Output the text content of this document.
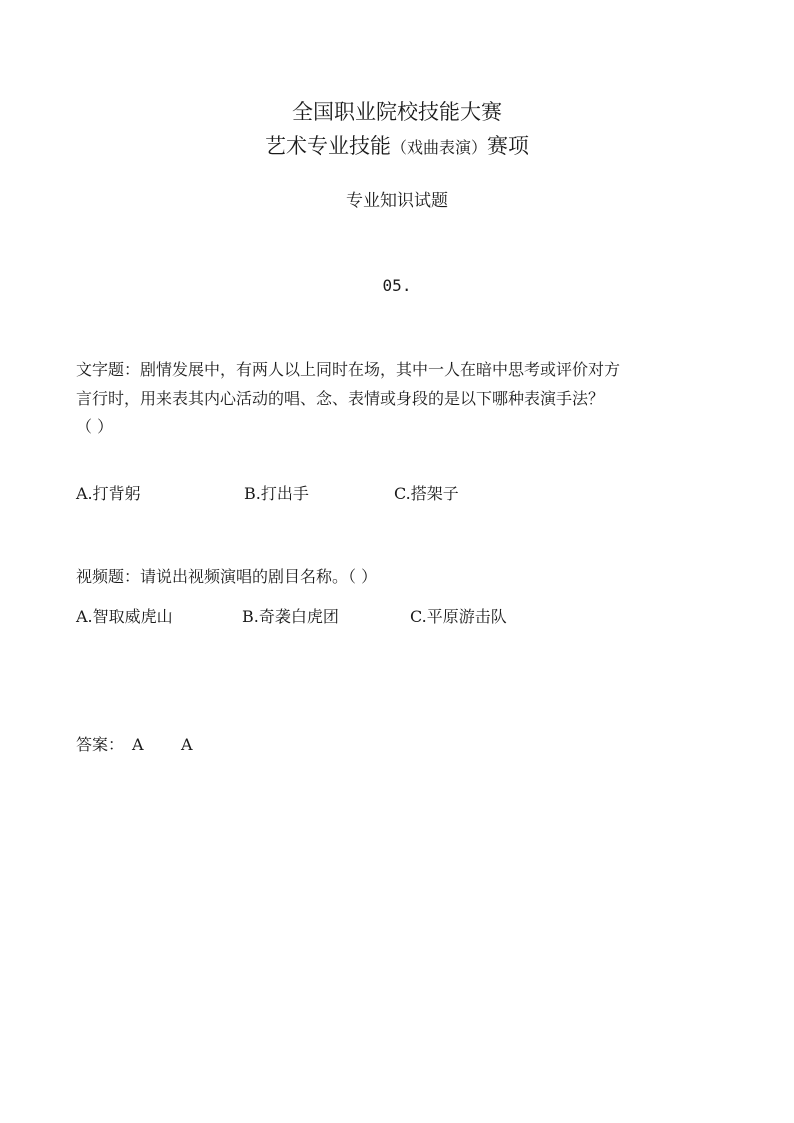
全国职业院校技能大赛
艺术专业技能（戏曲表演）赛项
专业知识试题
05.
文字题：剧情发展中，有两人以上同时在场，其中一人在暗中思考或评价对方
言行时，用来表其内心活动的唱、念、表情或身段的是以下哪种表演手法？
（ ）
A.打背躬	B.打出手	C.搭架子
视频题：请说出视频演唱的剧目名称。（ ）
A.智取威虎山	B.奇袭白虎团	C.平原游击队
答案： A A
